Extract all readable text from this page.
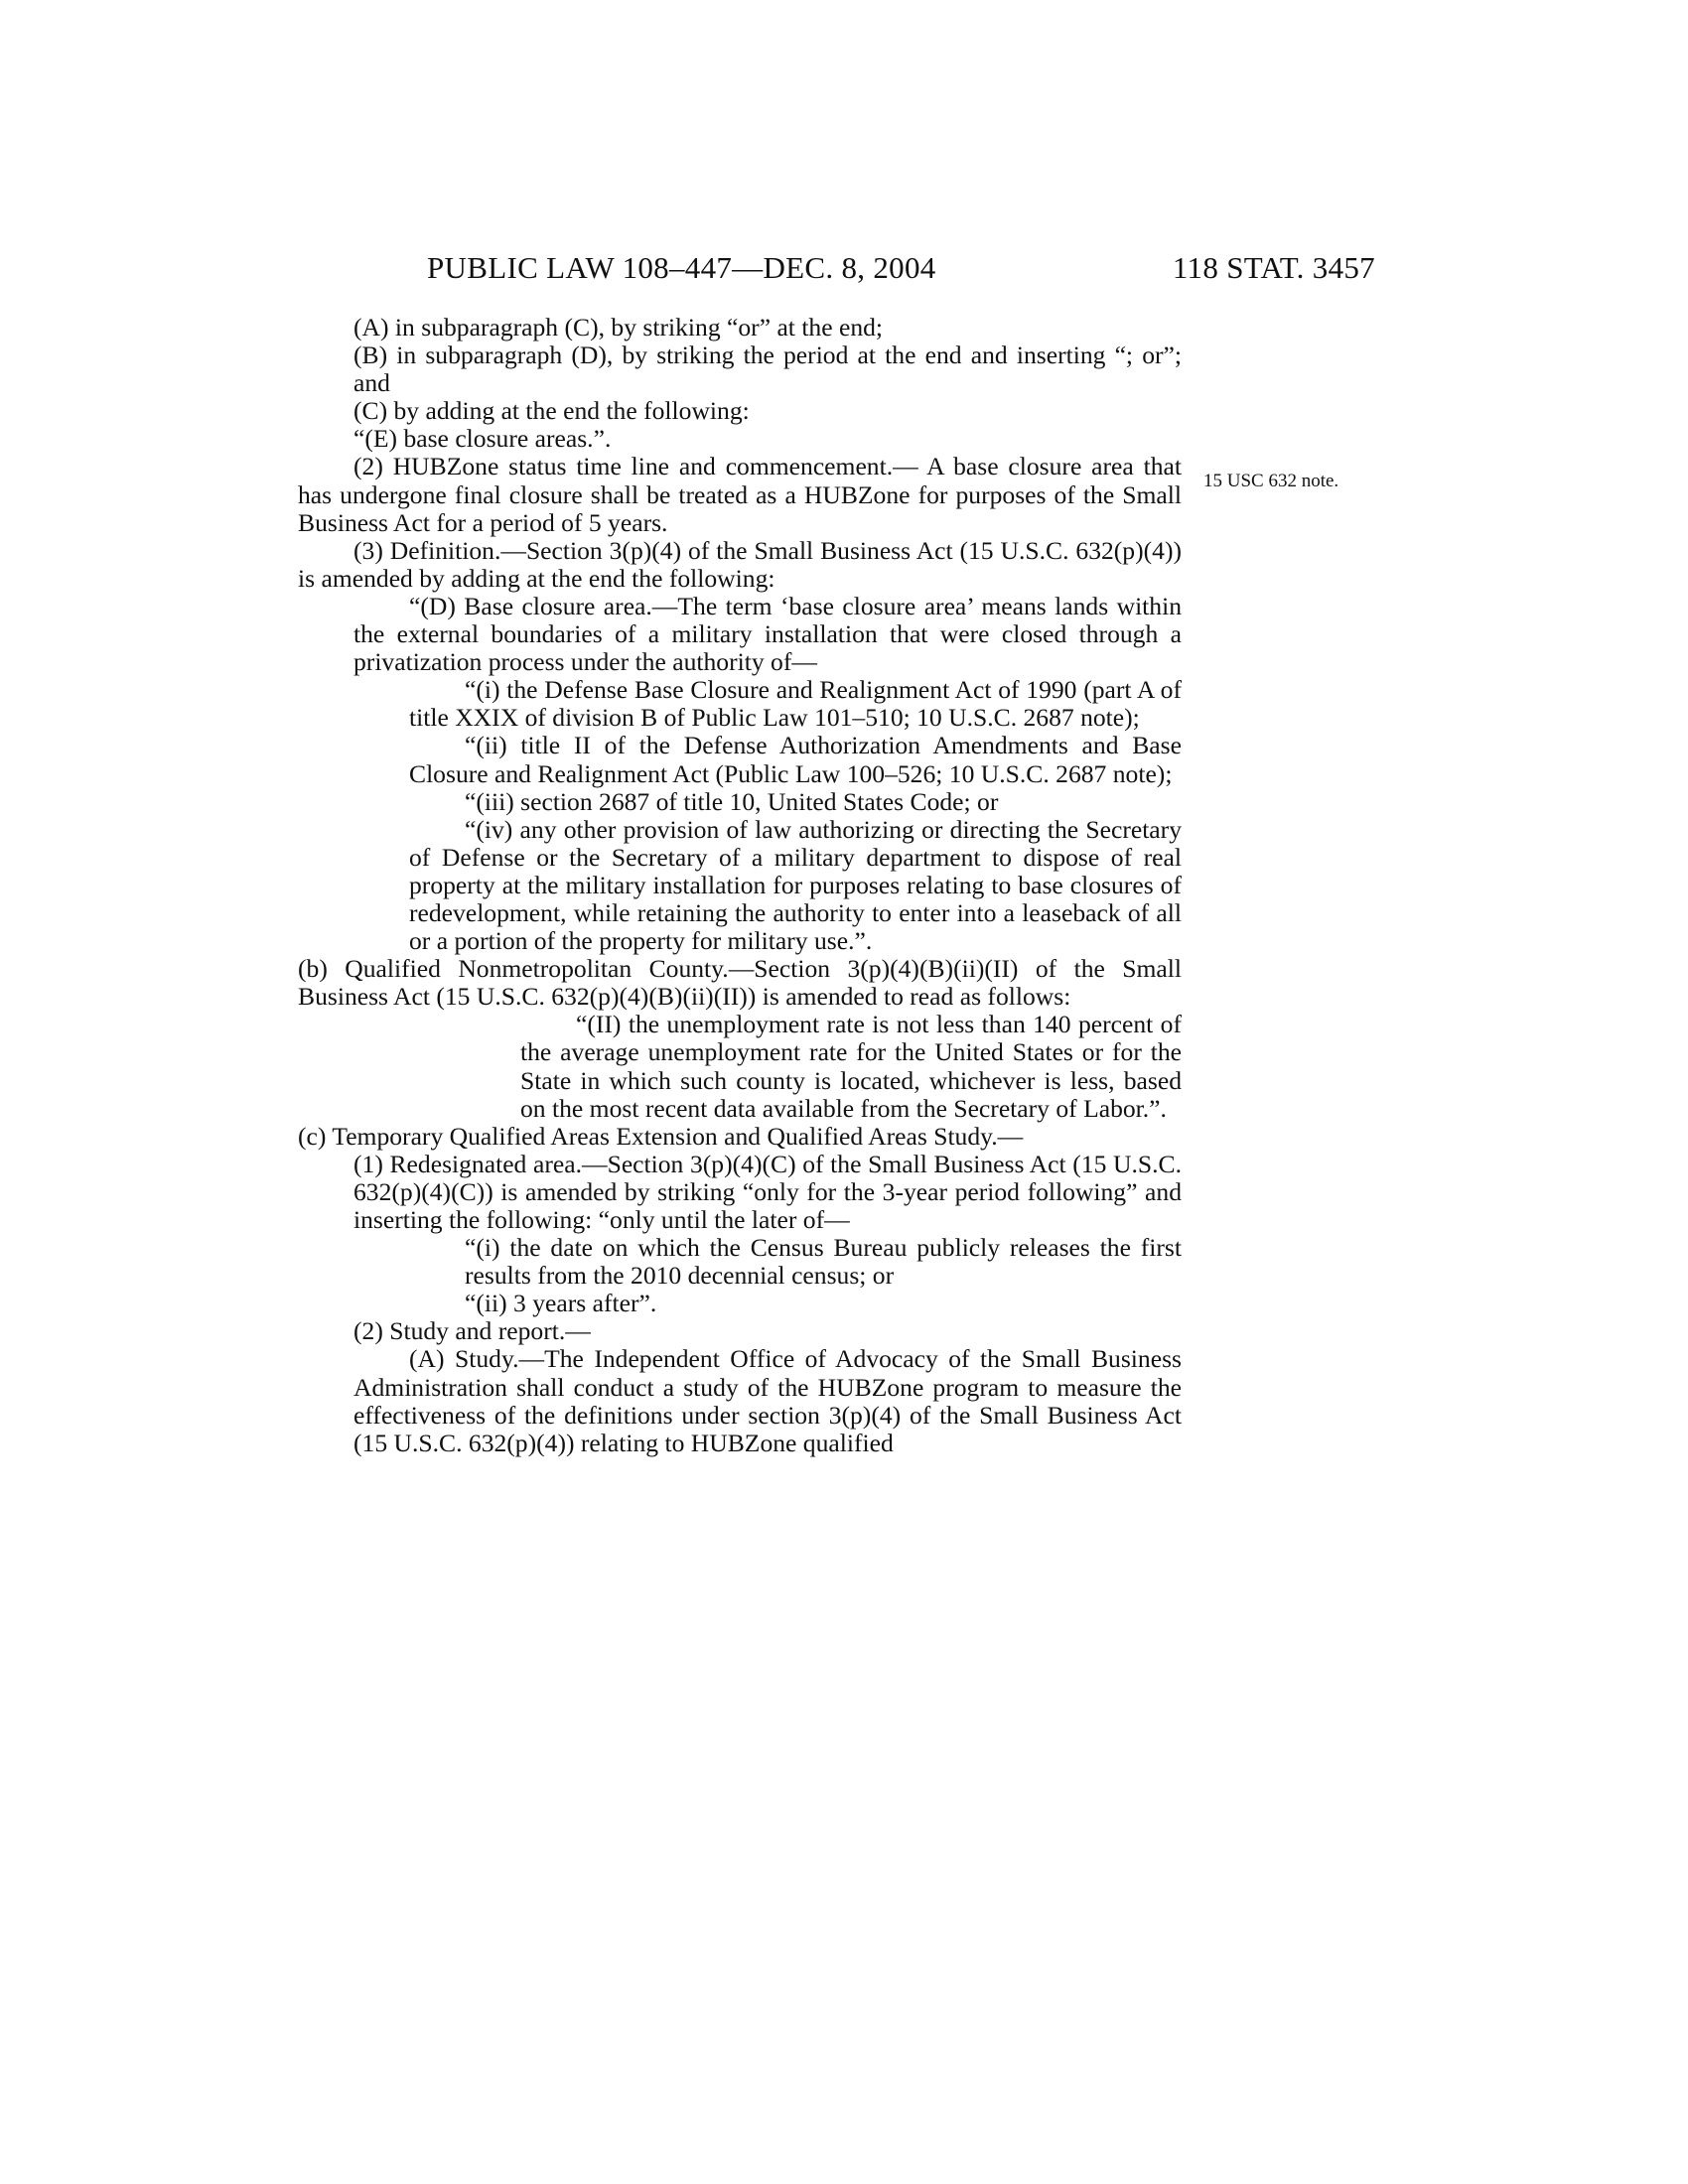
PUBLIC LAW 108–447—DEC. 8, 2004	118 STAT. 3457
15 USC 632 note.

(A) in subparagraph (C), by striking “or” at the end;

(B) in subparagraph (D), by striking the period at the end and inserting “; or”; and

(C) by adding at the end the following:

“(E) base closure areas.”.

(2) HUBZone status time line and commencement.— A base closure area that has undergone final closure shall be treated as a HUBZone for purposes of the Small Business Act for a period of 5 years.

(3) Definition.—Section 3(p)(4) of the Small Business Act (15 U.S.C. 632(p)(4)) is amended by adding at the end the following:

“(D) Base closure area.—The term ‘base closure area’ means lands within the external boundaries of a military installation that were closed through a privatization process under the authority of—

“(i) the Defense Base Closure and Realignment Act of 1990 (part A of title XXIX of division B of Public Law 101–510; 10 U.S.C. 2687 note);

“(ii) title II of the Defense Authorization Amendments and Base Closure and Realignment Act (Public Law 100–526; 10 U.S.C. 2687 note);

“(iii) section 2687 of title 10, United States Code; or

“(iv) any other provision of law authorizing or directing the Secretary of Defense or the Secretary of a military department to dispose of real property at the military installation for purposes relating to base closures of redevelopment, while retaining the authority to enter into a leaseback of all or a portion of the property for military use.”.

(b) Qualified Nonmetropolitan County.—Section 3(p)(4)(B)(ii)(II) of the Small Business Act (15 U.S.C. 632(p)(4)(B)(ii)(II)) is amended to read as follows:

“(II) the unemployment rate is not less than 140 percent of the average unemployment rate for the United States or for the State in which such county is located, whichever is less, based on the most recent data available from the Secretary of Labor.”.

(c) Temporary Qualified Areas Extension and Qualified Areas Study.—

(1) Redesignated area.—Section 3(p)(4)(C) of the Small Business Act (15 U.S.C. 632(p)(4)(C)) is amended by striking “only for the 3-year period following” and inserting the following: “only until the later of—

“(i) the date on which the Census Bureau publicly releases the first results from the 2010 decennial census; or

“(ii) 3 years after”.

(2) Study and report.—

(A) Study.—The Independent Office of Advocacy of the Small Business Administration shall conduct a study of the HUBZone program to measure the effectiveness of the definitions under section 3(p)(4) of the Small Business Act (15 U.S.C. 632(p)(4)) relating to HUBZone qualified
